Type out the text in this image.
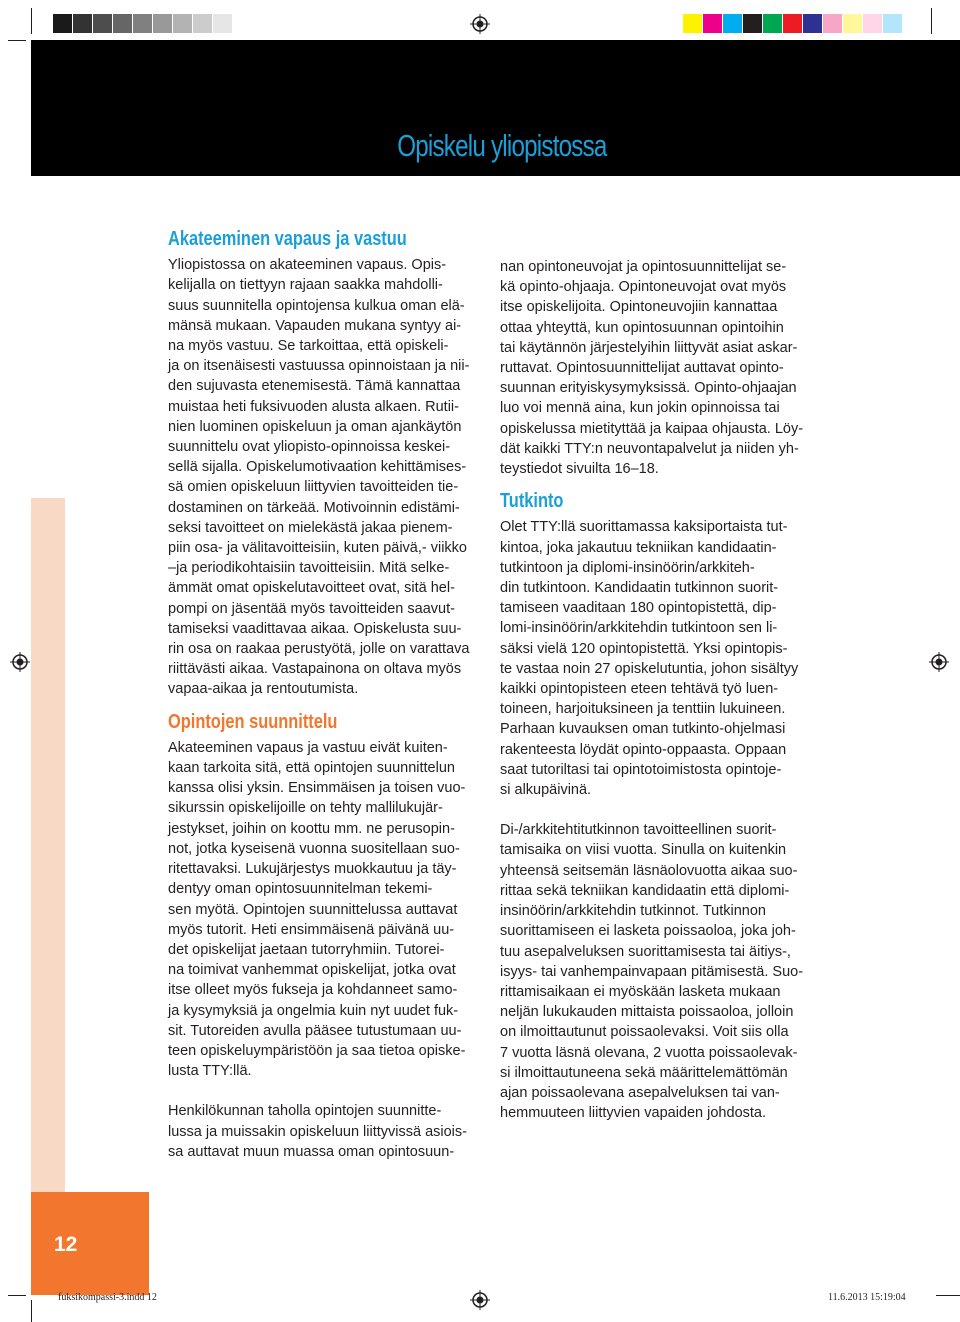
Opiskelu yliopistossa
Akateeminen vapaus ja vastuu

Yliopistossa on akateeminen vapaus. Opis-
kelijalla on tiettyyn rajaan saakka mahdolli-
suus suunnitella opintojensa kulkua oman elä-
mänsä mukaan. Vapauden mukana syntyy ai-
na myös vastuu. Se tarkoittaa, että opiskeli-
ja on itsenäisesti vastuussa opinnoistaan ja nii-
den sujuvasta etenemisestä. Tämä kannattaa
muistaa heti fuksivuoden alusta alkaen. Rutii-
nien luominen opiskeluun ja oman ajankäytön
suunnittelu ovat yliopisto-opinnoissa keskei-
sellä sijalla. Opiskelumotivaation kehittämises-
sä omien opiskeluun liittyvien tavoitteiden tie-
dostaminen on tärkeää. Motivoinnin edistämi-
seksi tavoitteet on mielekästä jakaa pienem-
piin osa- ja välitavoitteisiin, kuten päivä,- viikko
–ja periodikohtaisiin tavoitteisiin. Mitä selke-
ämmät omat opiskelutavoitteet ovat, sitä hel-
pompi on jäsentää myös tavoitteiden saavut-
tamiseksi vaadittavaa aikaa. Opiskelusta suu-
rin osa on raakaa perustyötä, jolle on varattava
riittävästi aikaa. Vastapainona on oltava myös
vapaa-aikaa ja rentoutumista.

Opintojen suunnittelu

Akateeminen vapaus ja vastuu eivät kuiten-
kaan tarkoita sitä, että opintojen suunnittelun
kanssa olisi yksin. Ensimmäisen ja toisen vuo-
sikurssin opiskelijoille on tehty mallilukujär-
jestykset, joihin on koottu mm. ne perusopin-
not, jotka kyseisenä vuonna suositellaan suo-
ritettavaksi. Lukujärjestys muokkautuu ja täy-
dentyy oman opintosuunnitelman tekemi-
sen myötä. Opintojen suunnittelussa auttavat
myös tutorit. Heti ensimmäisenä päivänä uu-
det opiskelijat jaetaan tutorryhmiin. Tutorei-
na toimivat vanhemmat opiskelijat, jotka ovat
itse olleet myös fukseja ja kohdanneet samo-
ja kysymyksiä ja ongelmia kuin nyt uudet fuk-
sit. Tutoreiden avulla pääsee tutustumaan uu-
teen opiskeluympäristöön ja saa tietoa opiske-
lusta TTY:llä.

Henkilökunnan taholla opintojen suunnitte-
lussa ja muissakin opiskeluun liittyvissä asiois-
sa auttavat muun muassa oman opintosuun-

nan opintoneuvojat ja opintosuunnittelijat se-
kä opinto-ohjaaja. Opintoneuvojat ovat myös
itse opiskelijoita. Opintoneuvojiin kannattaa
ottaa yhteyttä, kun opintosuunnan opintoihin
tai käytännön järjestelyihin liittyvät asiat askar-
ruttavat. Opintosuunnittelijat auttavat opinto-
suunnan erityiskysymyksissä. Opinto-ohjaajan
luo voi mennä aina, kun jokin opinnoissa tai
opiskelussa mietityttää ja kaipaa ohjausta. Löy-
dät kaikki TTY:n neuvontapalvelut ja niiden yh-
teystiedot sivuilta 16–18.

Tutkinto

Olet TTY:llä suorittamassa kaksiportaista tut-
kintoa, joka jakautuu tekniikan kandidaatin-
tutkintoon ja diplomi-insinöörin/arkkiteh-
din tutkintoon. Kandidaatin tutkinnon suorit-
tamiseen vaaditaan 180 opintopistettä, dip-
lomi-insinöörin/arkkitehdin tutkintoon sen li-
säksi vielä 120 opintopistettä. Yksi opintopis-
te vastaa noin 27 opiskelutuntia, johon sisältyy
kaikki opintopisteen eteen tehtävä työ luen-
toineen, harjoituksineen ja tenttiin lukuineen.
Parhaan kuvauksen oman tutkinto-ohjelmasi
rakenteesta löydät opinto-oppaasta. Oppaan
saat tutoriltasi tai opintotoimistosta opintoje-
si alkupäivinä.

Di-/arkkitehtitutkinnon tavoitteellinen suorit-
tamisaika on viisi vuotta. Sinulla on kuitenkin
yhteensä seitsemän läsnäolovuotta aikaa suo-
rittaa sekä tekniikan kandidaatin että diplomi-
insinöörin/arkkitehdin tutkinnot. Tutkinnon
suorittamiseen ei lasketa poissaoloa, joka joh-
tuu asepalveluksen suorittamisesta tai äitiys-,
isyys- tai vanhempainvapaan pitämisestä. Suo-
rittamisaikaan ei myöskään lasketa mukaan
neljän lukukauden mittaista poissaoloa, jolloin
on ilmoittautunut poissaolevaksi. Voit siis olla
7 vuotta läsnä olevana, 2 vuotta poissaolevak-
si ilmoittautuneena sekä määrittelemättömän
ajan poissaolevana asepalveluksen tai van-
hemmuuteen liittyvien vapaiden johdosta.

12
fuksikompassi-3.indd 12	11.6.2013 15:19:04
